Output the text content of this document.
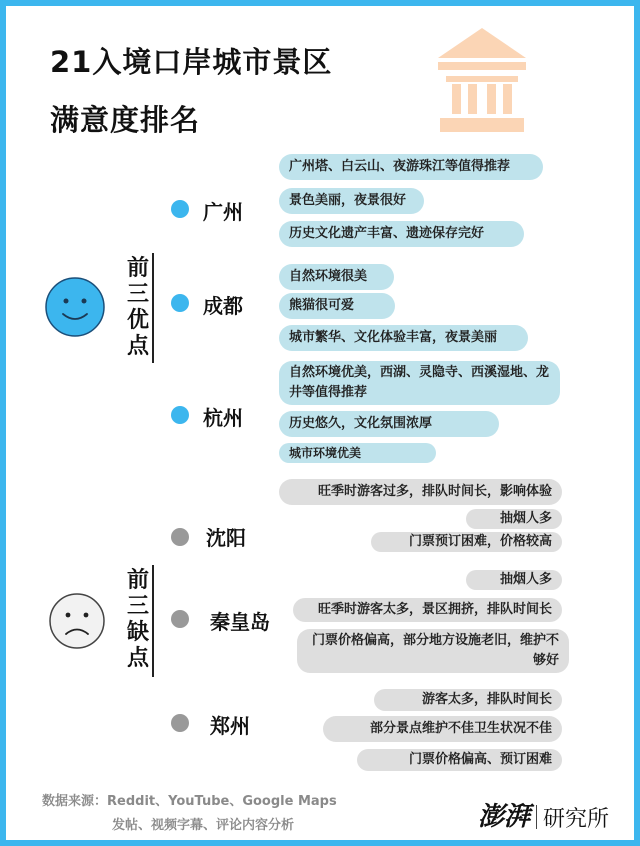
21入境口岸城市景区
满意度排名
前三优点
广州
广州塔、白云山、夜游珠江等值得推荐
景色美丽，夜景很好
历史文化遗产丰富、遗迹保存完好
成都
自然环境很美
熊猫很可爱
城市繁华、文化体验丰富，夜景美丽
杭州
自然环境优美，西湖、灵隐寺、西溪湿地、龙井等值得推荐
历史悠久，文化氛围浓厚
城市环境优美
前三缺点
沈阳
旺季时游客过多，排队时间长，影响体验
抽烟人多
门票预订困难，价格较高
秦皇岛
抽烟人多
旺季时游客太多，景区拥挤，排队时间长
门票价格偏高，部分地方设施老旧，维护不够好
郑州
游客太多，排队时间长
部分景点维护不佳卫生状况不佳
门票价格偏高、预订困难
数据来源：Reddit、YouTube、Google Maps
发帖、视频字幕、评论内容分析	澎湃 研究所
